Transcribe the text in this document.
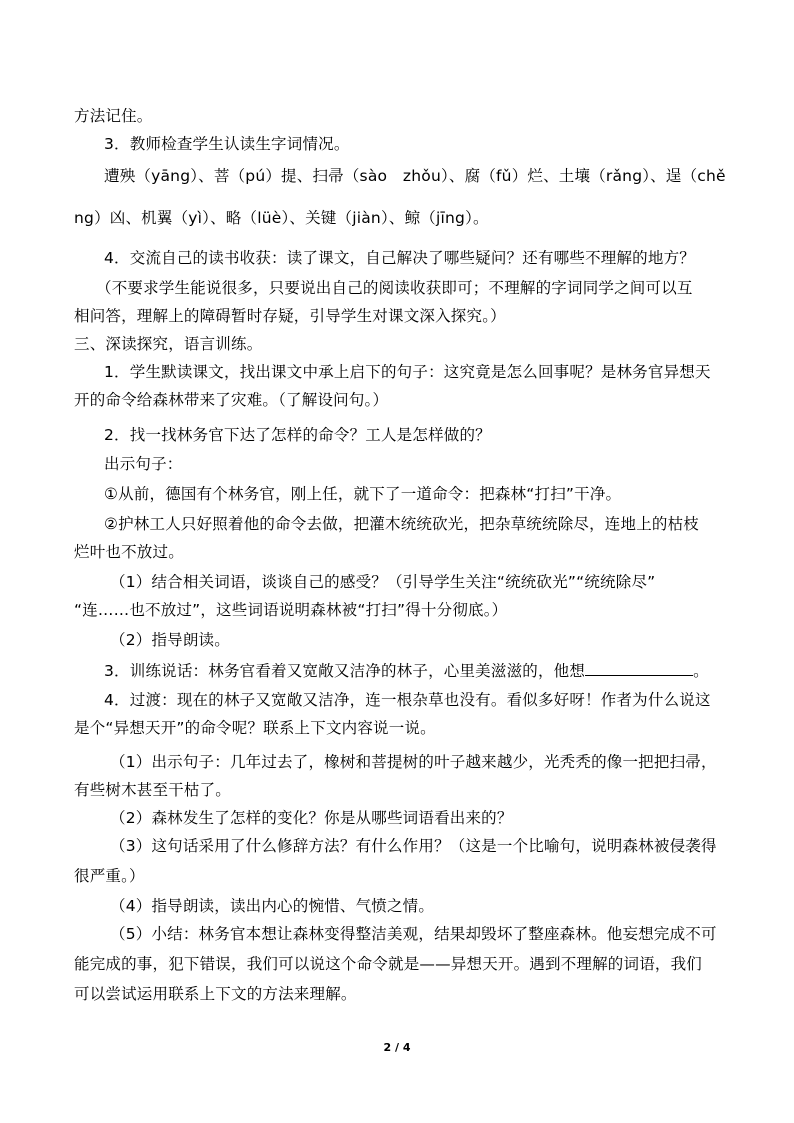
方法记住。
3．教师检查学生认读生字词情况。
遭殃（yāng）、菩（pú）提、扫帚（sào　zhǒu）、腐（fǔ）烂、土壤（rǎng）、逞（chě
ng）凶、机翼（yì）、略（lüè）、关键（jiàn）、鲸（jīng）。
4．交流自己的读书收获：读了课文，自己解决了哪些疑问？还有哪些不理解的地方？
（不要求学生能说很多，只要说出自己的阅读收获即可；不理解的字词同学之间可以互
相问答，理解上的障碍暂时存疑，引导学生对课文深入探究。）
三、深读探究，语言训练。
1．学生默读课文，找出课文中承上启下的句子：这究竟是怎么回事呢？是林务官异想天
开的命令给森林带来了灾难。（了解设问句。）
2．找一找林务官下达了怎样的命令？工人是怎样做的？
出示句子：
①从前，德国有个林务官，刚上任，就下了一道命令：把森林“打扫”干净。
②护林工人只好照着他的命令去做，把灌木统统砍光，把杂草统统除尽，连地上的枯枝
烂叶也不放过。
（1）结合相关词语，谈谈自己的感受？（引导学生关注“统统砍光”“统统除尽”
“连……也不放过”，这些词语说明森林被“打扫”得十分彻底。）
（2）指导朗读。
3．训练说话：林务官看着又宽敞又洁净的林子，心里美滋滋的，他想	。
4．过渡：现在的林子又宽敞又洁净，连一根杂草也没有。看似多好呀！作者为什么说这
是个“异想天开”的命令呢？联系上下文内容说一说。
（1）出示句子：几年过去了，橡树和菩提树的叶子越来越少，光秃秃的像一把把扫帚，
有些树木甚至干枯了。
（2）森林发生了怎样的变化？你是从哪些词语看出来的？
（3）这句话采用了什么修辞方法？有什么作用？（这是一个比喻句，说明森林被侵袭得
很严重。）
（4）指导朗读，读出内心的惋惜、气愤之情。
（5）小结：林务官本想让森林变得整洁美观，结果却毁坏了整座森林。他妄想完成不可
能完成的事，犯下错误，我们可以说这个命令就是——异想天开。遇到不理解的词语，我们
可以尝试运用联系上下文的方法来理解。
2 / 4
